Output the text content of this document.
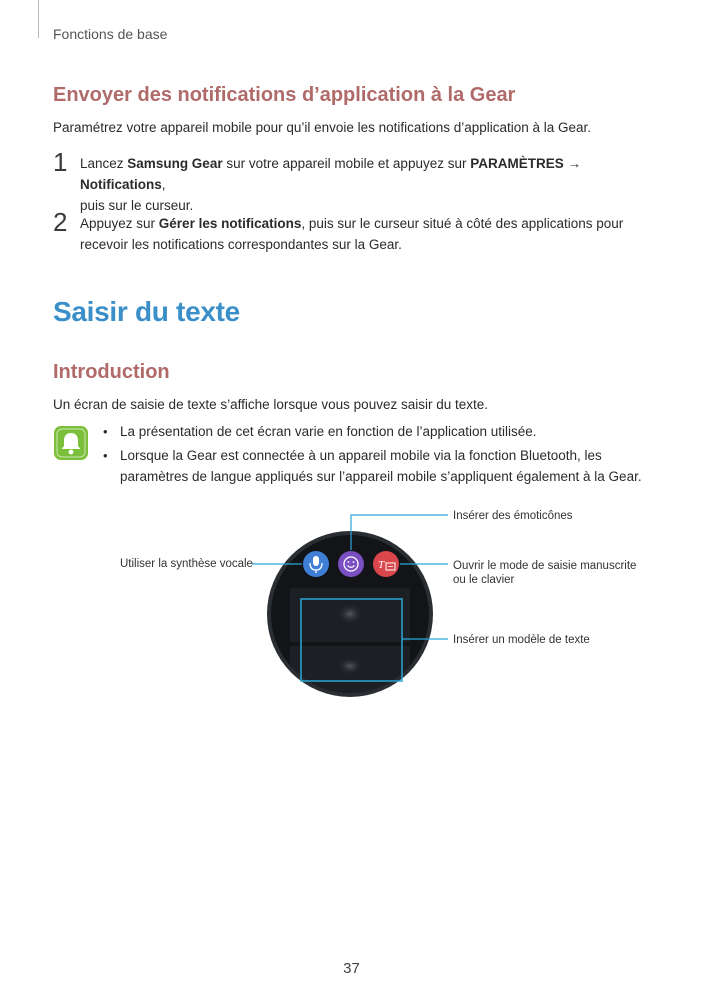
Fonctions de base
Envoyer des notifications d’application à la Gear
Paramétrez votre appareil mobile pour qu’il envoie les notifications d’application à la Gear.
1 Lancez Samsung Gear sur votre appareil mobile et appuyez sur PARAMÈTRES → Notifications,
puis sur le curseur.
2 Appuyez sur Gérer les notifications, puis sur le curseur situé à côté des applications pour
recevoir les notifications correspondantes sur la Gear.
Saisir du texte
Introduction
Un écran de saisie de texte s’affiche lorsque vous pouvez saisir du texte.
• La présentation de cet écran varie en fonction de l’application utilisée.
• Lorsque la Gear est connectée à un appareil mobile via la fonction Bluetooth, les paramètres de langue appliqués sur l’appareil mobile s’appliquent également à la Gear.
T
Insérer des émoticônes
Utiliser la synthèse vocale	Ouvrir le mode de saisie manuscrite
ou le clavier
Insérer un modèle de texte
37
